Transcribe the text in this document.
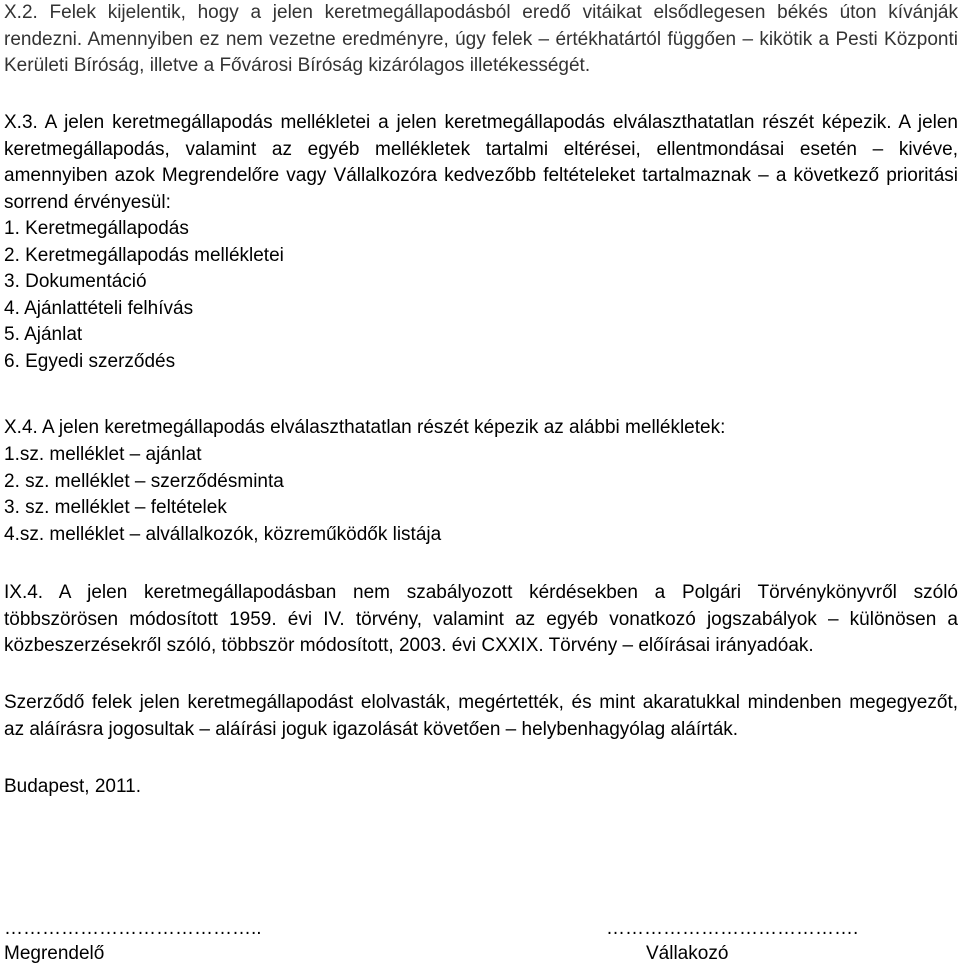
X.2. Felek kijelentik, hogy a jelen keretmegállapodásból eredő vitáikat elsődlegesen békés úton kívánják rendezni. Amennyiben ez nem vezetne eredményre, úgy felek – értékhatártól függően – kikötik a Pesti Központi Kerületi Bíróság, illetve a Fővárosi Bíróság kizárólagos illetékességét.

X.3. A jelen keretmegállapodás mellékletei a jelen keretmegállapodás elválaszthatatlan részét képezik. A jelen keretmegállapodás, valamint az egyéb mellékletek tartalmi eltérései, ellentmondásai esetén – kivéve, amennyiben azok Megrendelőre vagy Vállalkozóra kedvezőbb feltételeket tartalmaznak – a következő prioritási sorrend érvényesül:

1. Keretmegállapodás

2. Keretmegállapodás mellékletei

3. Dokumentáció

4. Ajánlattételi felhívás

5. Ajánlat

6. Egyedi szerződés

X.4. A jelen keretmegállapodás elválaszthatatlan részét képezik az alábbi mellékletek:

1.sz. melléklet – ajánlat

2. sz. melléklet – szerződésminta

3. sz. melléklet – feltételek

4.sz. melléklet – alvállalkozók, közreműködők listája

IX.4. A jelen keretmegállapodásban nem szabályozott kérdésekben a Polgári Törvénykönyvről szóló többszörösen módosított 1959. évi IV. törvény, valamint az egyéb vonatkozó jogszabályok – különösen a közbeszerzésekről szóló, többször módosított, 2003. évi CXXIX. Törvény – előírásai irányadóak.

Szerződő felek jelen keretmegállapodást elolvasták, megértették, és mint akaratukkal mindenben megegyezőt, az aláírásra jogosultak – aláírási joguk igazolását követően – helybenhagyólag aláírták.

Budapest, 2011.

…………………………………..	………………………………….
Megrendelő	Vállakozó
